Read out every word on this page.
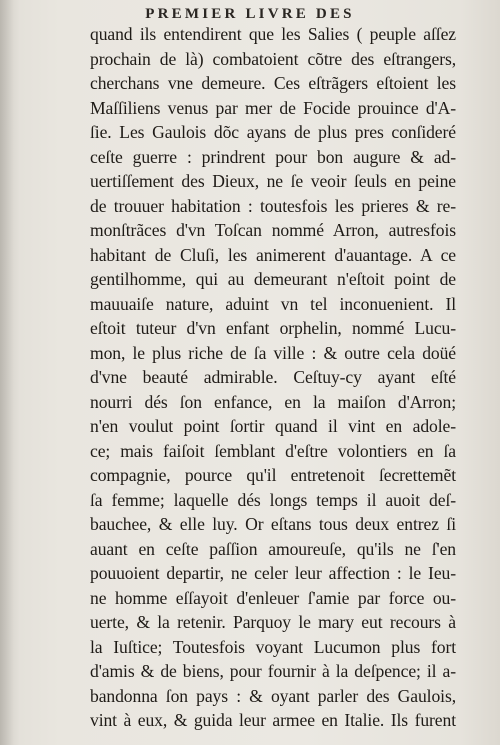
PREMIER LIVRE DES
quand ils entendirent que les Salies ( peuple aſſez
prochain de là) combatoient cõtre des eſtrangers,
cherchans vne demeure. Ces eſtrãgers eſtoient les
Maſſiliens venus par mer de Focide prouince d'A-
ſie. Les Gaulois dõc ayans de plus pres conſideré
ceſte guerre : prindrent pour bon augure & ad-
uertiſſement des Dieux, ne ſe veoir ſeuls en peine
de trouuer habitation : toutesfois les prieres & re-
monſtrãces d'vn Toſcan nommé Arron, autresfois
habitant de Cluſi, les animerent d'auantage. A ce
gentilhomme, qui au demeurant n'eſtoit point de
mauuaiſe nature, aduint vn tel inconuenient. Il
eſtoit tuteur d'vn enfant orphelin, nommé Lucu-
mon, le plus riche de ſa ville : & outre cela doüé
d'vne beauté admirable. Ceſtuy-cy ayant eſté
nourri dés ſon enfance, en la maiſon d'Arron;
n'en voulut point ſortir quand il vint en adole-
ce; mais faiſoit ſemblant d'eſtre volontiers en ſa
compagnie, pource qu'il entretenoit ſecrettemẽt
ſa femme; laquelle dés longs temps il auoit deſ-
bauchee, & elle luy. Or eſtans tous deux entrez ſi
auant en ceſte paſſion amoureuſe, qu'ils ne ſ'en
pouuoient departir, ne celer leur affection : le Ieu-
ne homme eſſayoit d'enleuer ſ'amie par force ou-
uerte, & la retenir. Parquoy le mary eut recours à
la Iuſtice; Toutesfois voyant Lucumon plus fort
d'amis & de biens, pour fournir à la deſpence; il a-
bandonna ſon pays : & oyant parler des Gaulois,
vint à eux, & guida leur armee en Italie. Ils furent
